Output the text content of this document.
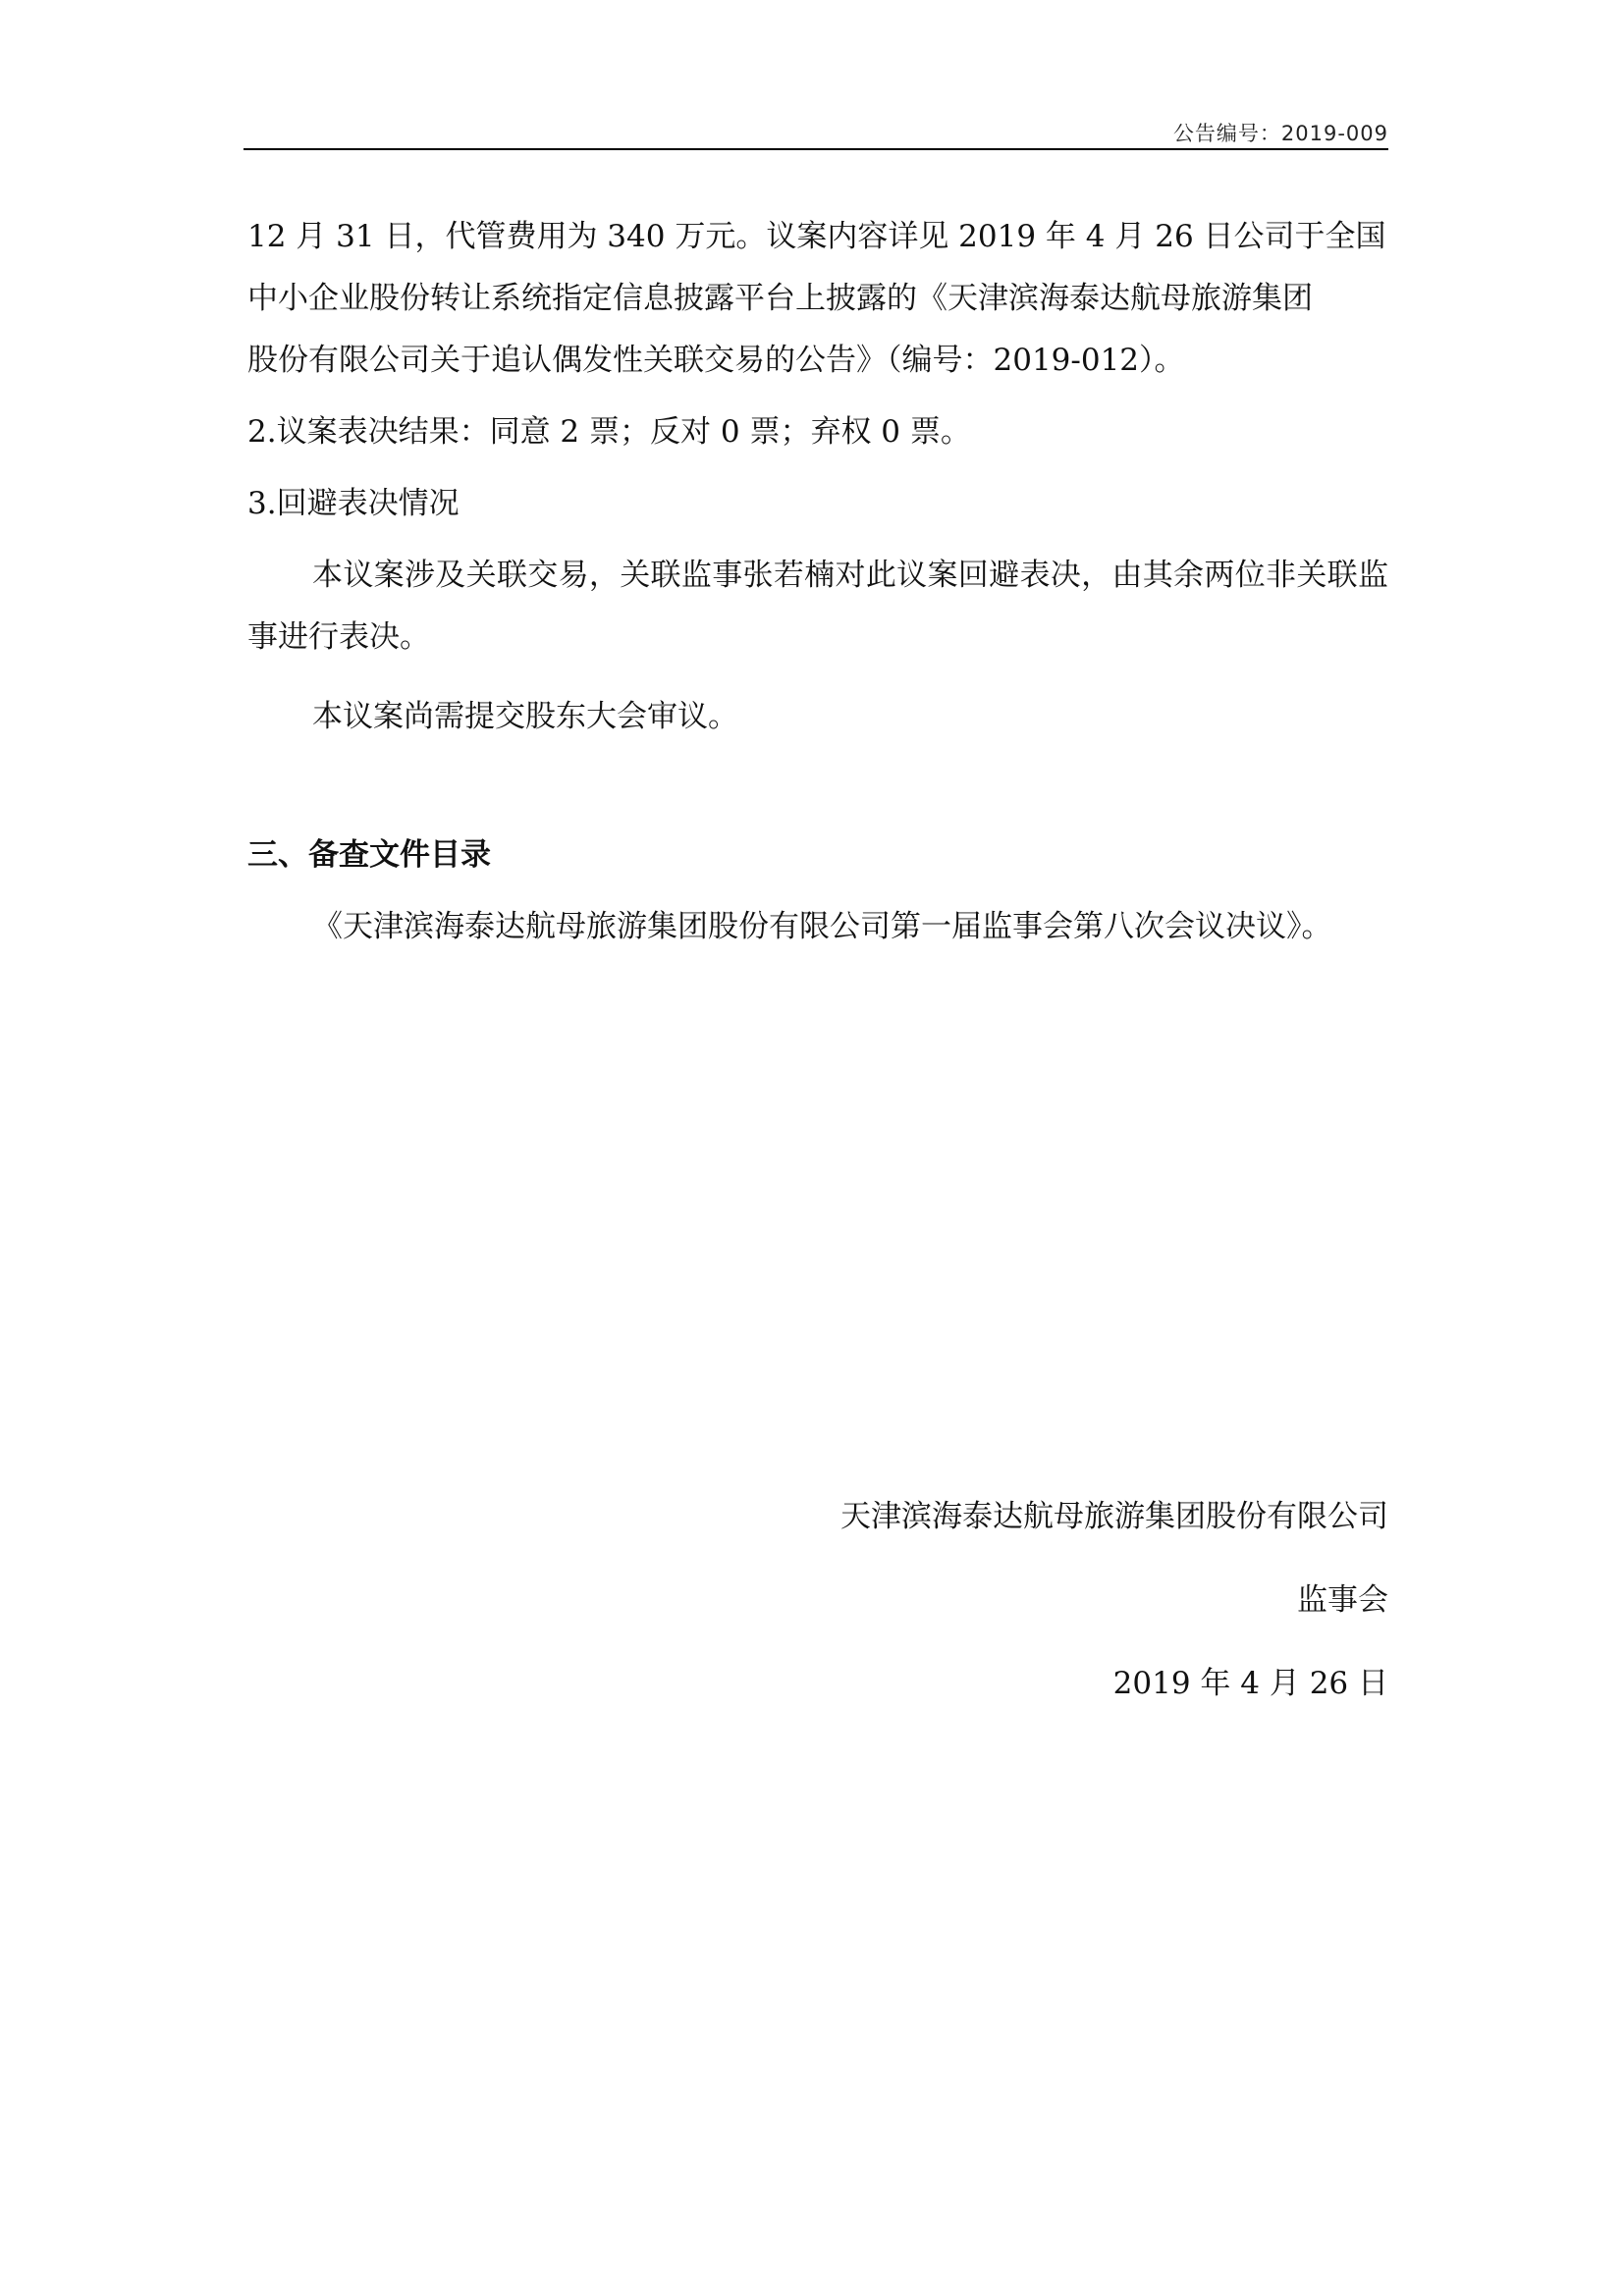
公告编号：2019-009
12 月 31 日，代管费用为 340 万元。议案内容详见 2019 年 4 月 26 日公司于全国
中小企业股份转让系统指定信息披露平台上披露的《天津滨海泰达航母旅游集团
股份有限公司关于追认偶发性关联交易的公告》（编号：2019-012）。

2.议案表决结果：同意 2 票；反对 0 票；弃权 0 票。

3.回避表决情况

本议案涉及关联交易，关联监事张若楠对此议案回避表决，由其余两位非关联监事进行表决。

本议案尚需提交股东大会审议。

三、备查文件目录

《天津滨海泰达航母旅游集团股份有限公司第一届监事会第八次会议决议》。

天津滨海泰达航母旅游集团股份有限公司
监事会
2019 年 4 月 26 日
